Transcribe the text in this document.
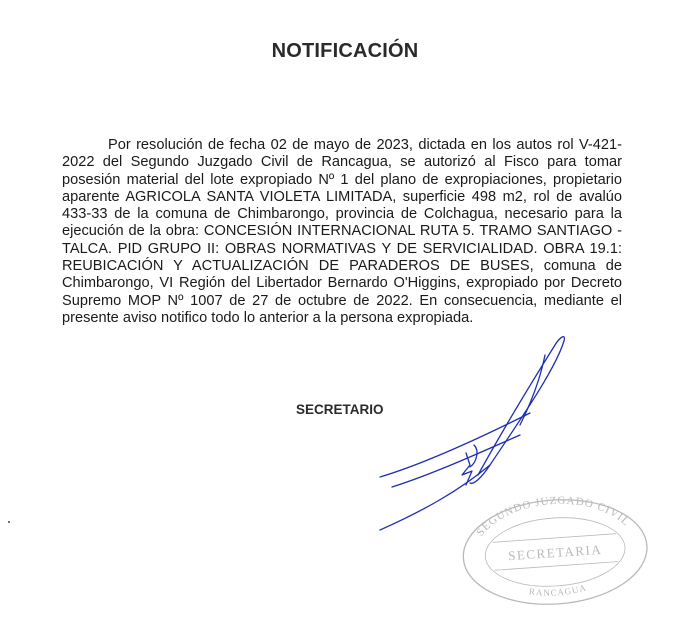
NOTIFICACIÓN
Por resolución de fecha 02 de mayo de 2023, dictada en los autos rol V-421-2022 del Segundo Juzgado Civil de Rancagua, se autorizó al Fisco para tomar posesión material del lote expropiado Nº 1 del plano de expropiaciones, propietario aparente AGRICOLA SANTA VIOLETA LIMITADA, superficie 498 m2, rol de avalúo 433-33 de la comuna de Chimbarongo, provincia de Colchagua, necesario para la ejecución de la obra: CONCESIÓN INTERNACIONAL RUTA 5. TRAMO SANTIAGO - TALCA. PID GRUPO II: OBRAS NORMATIVAS Y DE SERVICIALIDAD. OBRA 19.1: REUBICACIÓN Y ACTUALIZACIÓN DE PARADEROS DE BUSES, comuna de Chimbarongo, VI Región del Libertador Bernardo O'Higgins, expropiado por Decreto Supremo MOP Nº 1007 de 27 de octubre de 2022. En consecuencia, mediante el presente aviso notifico todo lo anterior a la persona expropiada.
SECRETARIO
SEGUNDO JUZGADO CIVIL
SECRETARIA
RANCAGUA
